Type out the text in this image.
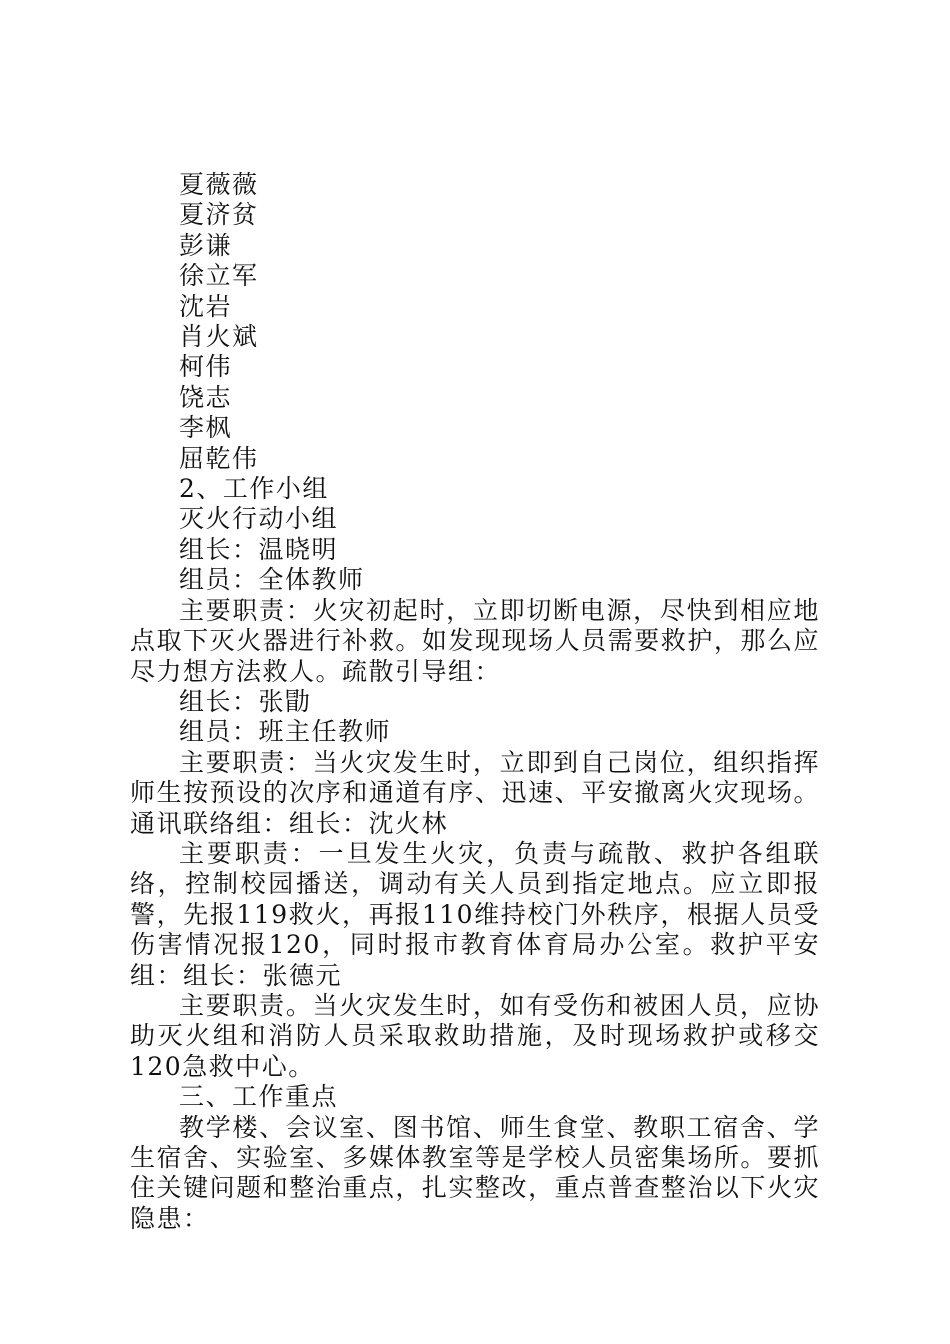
夏薇薇
夏济贫
彭谦
徐立军
沈岩
肖火斌
柯伟
饶志
李枫
屈乾伟
2、工作小组
灭火行动小组
组长：温晓明
组员：全体教师

主要职责：火灾初起时，立即切断电源，尽快到相应地点取下灭火器进行补救。如发现现场人员需要救护，那么应尽力想方法救人。疏散引导组：

组长：张勖
组员：班主任教师

主要职责：当火灾发生时，立即到自己岗位，组织指挥师生按预设的次序和通道有序、迅速、平安撤离火灾现场。通讯联络组：组长：沈火林

主要职责：一旦发生火灾，负责与疏散、救护各组联络，控制校园播送，调动有关人员到指定地点。应立即报警，先报119救火，再报110维持校门外秩序，根据人员受伤害情况报120，同时报市教育体育局办公室。救护平安组：组长：张德元

主要职责。当火灾发生时，如有受伤和被困人员，应协助灭火组和消防人员采取救助措施，及时现场救护或移交120急救中心。

三、工作重点

教学楼、会议室、图书馆、师生食堂、教职工宿舍、学生宿舍、实验室、多媒体教室等是学校人员密集场所。要抓住关键问题和整治重点，扎实整改，重点普查整治以下火灾隐患：
